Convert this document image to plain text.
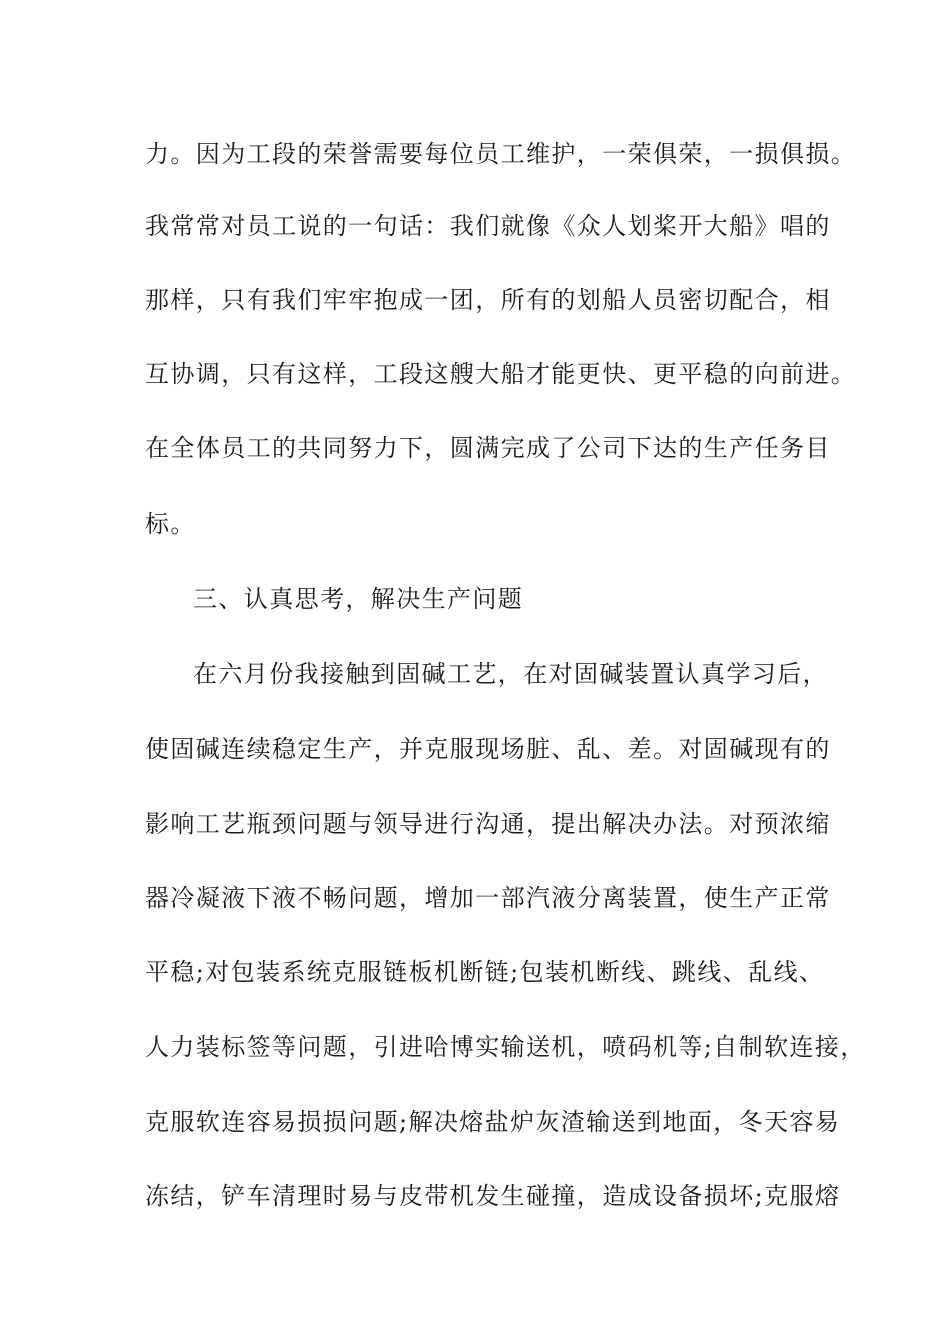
力。因为工段的荣誉需要每位员工维护，一荣俱荣，一损俱损。
我常常对员工说的一句话：我们就像《众人划桨开大船》唱的
那样，只有我们牢牢抱成一团，所有的划船人员密切配合，相
互协调，只有这样，工段这艘大船才能更快、更平稳的向前进。
在全体员工的共同努力下，圆满完成了公司下达的生产任务目
标。
三、认真思考，解决生产问题
在六月份我接触到固碱工艺，在对固碱装置认真学习后，
使固碱连续稳定生产，并克服现场脏、乱、差。对固碱现有的
影响工艺瓶颈问题与领导进行沟通，提出解决办法。对预浓缩
器冷凝液下液不畅问题，增加一部汽液分离装置，使生产正常
平稳;对包装系统克服链板机断链;包装机断线、跳线、乱线、
人力装标签等问题，引进哈博实输送机，喷码机等;自制软连接，
克服软连容易损损问题;解决熔盐炉灰渣输送到地面，冬天容易
冻结，铲车清理时易与皮带机发生碰撞，造成设备损坏;克服熔
